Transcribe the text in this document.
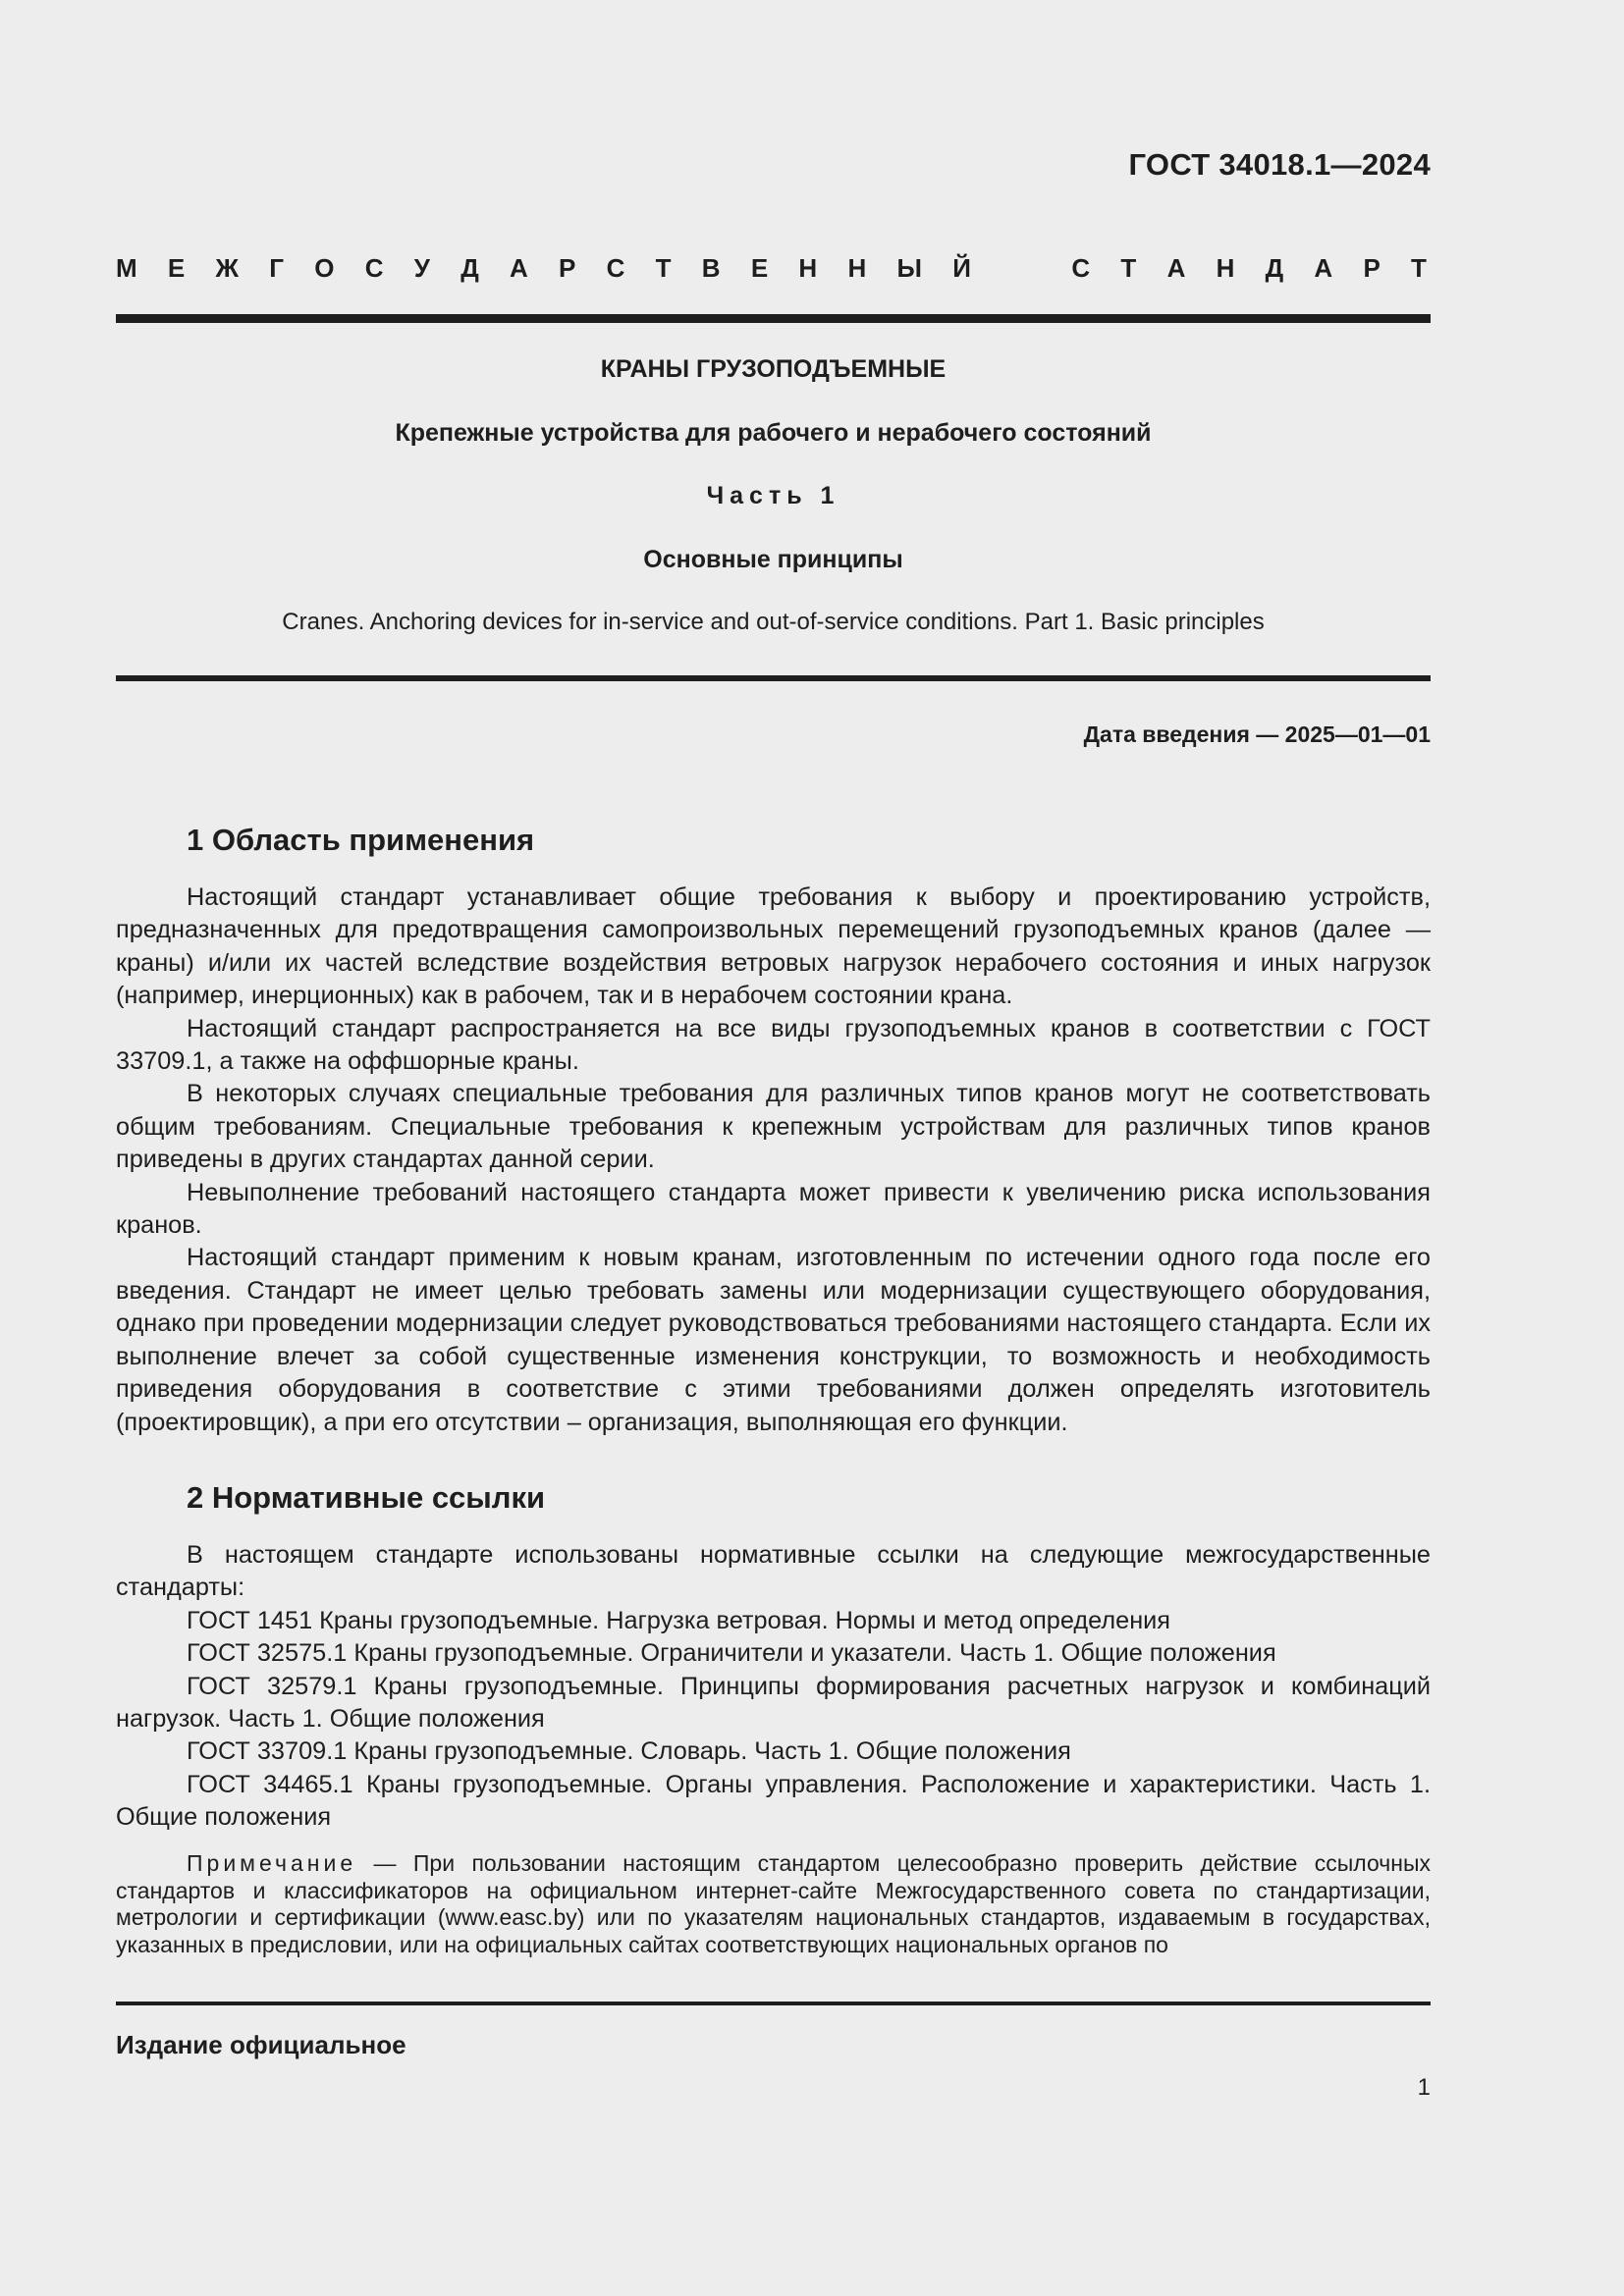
ГОСТ 34018.1—2024
М Е Ж Г О С У Д А Р С Т В Е Н Н Ы Й	С Т А Н Д А Р Т
КРАНЫ ГРУЗОПОДЪЕМНЫЕ
Крепежные устройства для рабочего и нерабочего состояний
Часть 1
Основные принципы
Cranes. Anchoring devices for in-service and out-of-service conditions. Part 1. Basic principles
Дата введения — 2025—01—01
1 Область применения

Настоящий стандарт устанавливает общие требования к выбору и проектированию устройств, предназначенных для предотвращения самопроизвольных перемещений грузоподъемных кранов (далее — краны) и/или их частей вследствие воздействия ветровых нагрузок нерабочего состояния и иных нагрузок (например, инерционных) как в рабочем, так и в нерабочем состоянии крана.

Настоящий стандарт распространяется на все виды грузоподъемных кранов в соответствии с ГОСТ 33709.1, а также на оффшорные краны.

В некоторых случаях специальные требования для различных типов кранов могут не соответствовать общим требованиям. Специальные требования к крепежным устройствам для различных типов кранов приведены в других стандартах данной серии.

Невыполнение требований настоящего стандарта может привести к увеличению риска использования кранов.

Настоящий стандарт применим к новым кранам, изготовленным по истечении одного года после его введения. Стандарт не имеет целью требовать замены или модернизации существующего оборудования, однако при проведении модернизации следует руководствоваться требованиями настоящего стандарта. Если их выполнение влечет за собой существенные изменения конструкции, то возможность и необходимость приведения оборудования в соответствие с этими требованиями должен определять изготовитель (проектировщик), а при его отсутствии – организация, выполняющая его функции.

2 Нормативные ссылки

В настоящем стандарте использованы нормативные ссылки на следующие межгосударственные стандарты:

ГОСТ 1451 Краны грузоподъемные. Нагрузка ветровая. Нормы и метод определения

ГОСТ 32575.1 Краны грузоподъемные. Ограничители и указатели. Часть 1. Общие положения

ГОСТ 32579.1 Краны грузоподъемные. Принципы формирования расчетных нагрузок и комбинаций нагрузок. Часть 1. Общие положения

ГОСТ 33709.1 Краны грузоподъемные. Словарь. Часть 1. Общие положения

ГОСТ 34465.1 Краны грузоподъемные. Органы управления. Расположение и характеристики. Часть 1. Общие положения

Примечание — При пользовании настоящим стандартом целесообразно проверить действие ссылочных стандартов и классификаторов на официальном интернет-сайте Межгосударственного совета по стандартизации, метрологии и сертификации (www.easc.by) или по указателям национальных стандартов, издаваемым в государствах, указанных в предисловии, или на официальных сайтах соответствующих национальных органов по

Издание официальное
1
